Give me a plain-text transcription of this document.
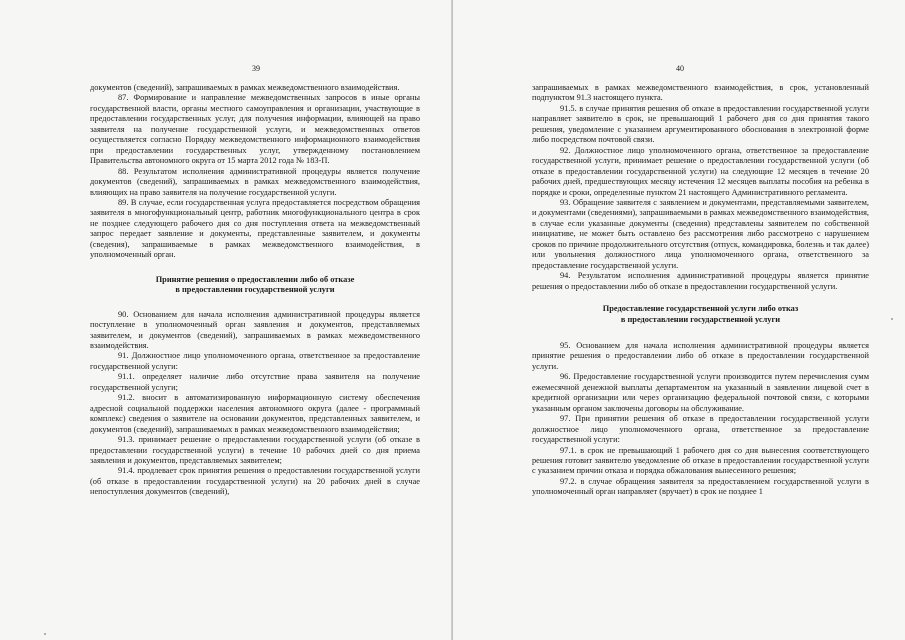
39

документов (сведений), запрашиваемых в рамках межведомственного взаимодействия.

87. Формирование и направление межведомственных запросов в иные органы государственной власти, органы местного самоуправления и организации, участвующие в предоставлении государственных услуг, для получения информации, влияющей на право заявителя на получение государственной услуги, и межведомственных ответов осуществляется согласно Порядку межведомственного информационного взаимодействия при предоставлении государственных услуг, утвержденному постановлением Правительства автономного округа от 15 марта 2012 года № 183-П.

88. Результатом исполнения административной процедуры является получение документов (сведений), запрашиваемых в рамках межведомственного взаимодействия, влияющих на право заявителя на получение государственной услуги.

89. В случае, если государственная услуга предоставляется посредством обращения заявителя в многофункциональный центр, работник многофункционального центра в срок не позднее следующего рабочего дня со дня поступления ответа на межведомственный запрос передает заявление и документы, представленные заявителем, и документы (сведения), запрашиваемые в рамках межведомственного взаимодействия, в уполномоченный орган.

Принятие решения о предоставлении либо об отказе
в предоставлении государственной услуги

90. Основанием для начала исполнения административной процедуры является поступление в уполномоченный орган заявления и документов, представляемых заявителем, и документов (сведений), запрашиваемых в рамках межведомственного взаимодействия.

91. Должностное лицо уполномоченного органа, ответственное за предоставление государственной услуги:

91.1. определяет наличие либо отсутствие права заявителя на получение государственной услуги;

91.2. вносит в автоматизированную информационную систему обеспечения адресной социальной поддержки населения автономного округа (далее - программный комплекс) сведения о заявителе на основании документов, представленных заявителем, и документов (сведений), запрашиваемых в рамках межведомственного взаимодействия;

91.3. принимает решение о предоставлении государственной услуги (об отказе в предоставлении государственной услуги) в течение 10 рабочих дней со дня приема заявления и документов, представляемых заявителем;

91.4. продлевает срок принятия решения о предоставлении государственной услуги (об отказе в предоставлении государственной услуги) на 20 рабочих дней в случае непоступления документов (сведений),

40

запрашиваемых в рамках межведомственного взаимодействия, в срок, установленный подпунктом 91.3 настоящего пункта.

91.5. в случае принятия решения об отказе в предоставлении государственной услуги направляет заявителю в срок, не превышающий 1 рабочего дня со дня принятия такого решения, уведомление с указанием аргументированного обоснования в электронной форме либо посредством почтовой связи.

92. Должностное лицо уполномоченного органа, ответственное за предоставление государственной услуги, принимает решение о предоставлении государственной услуги (об отказе в предоставлении государственной услуги) на следующие 12 месяцев в течение 20 рабочих дней, предшествующих месяцу истечения 12 месяцев выплаты пособия на ребенка в порядке и сроки, определенные пунктом 21 настоящего Административного регламента.

93. Обращение заявителя с заявлением и документами, представляемыми заявителем, и документами (сведениями), запрашиваемыми в рамках межведомственного взаимодействия, в случае если указанные документы (сведения) представлены заявителем по собственной инициативе, не может быть оставлено без рассмотрения либо рассмотрено с нарушением сроков по причине продолжительного отсутствия (отпуск, командировка, болезнь и так далее) или увольнения должностного лица уполномоченного органа, ответственного за предоставление государственной услуги.

94. Результатом исполнения административной процедуры является принятие решения о предоставлении либо об отказе в предоставлении государственной услуги.

Предоставление государственной услуги либо отказ
в предоставлении государственной услуги

95. Основанием для начала исполнения административной процедуры является принятие решения о предоставлении либо об отказе в предоставлении государственной услуги.

96. Предоставление государственной услуги производится путем перечисления сумм ежемесячной денежной выплаты департаментом на указанный в заявлении лицевой счет в кредитной организации или через организацию федеральной почтовой связи, с которыми указанным органом заключены договоры на обслуживание.

97. При принятии решения об отказе в предоставлении государственной услуги должностное лицо уполномоченного органа, ответственное за предоставление государственной услуги:

97.1. в срок не превышающий 1 рабочего дня со дня вынесения соответствующего решения готовит заявителю уведомление об отказе в предоставлении государственной услуги с указанием причин отказа и порядка обжалования вынесенного решения;

97.2. в случае обращения заявителя за предоставлением государственной услуги в уполномоченный орган направляет (вручает) в срок не позднее 1
